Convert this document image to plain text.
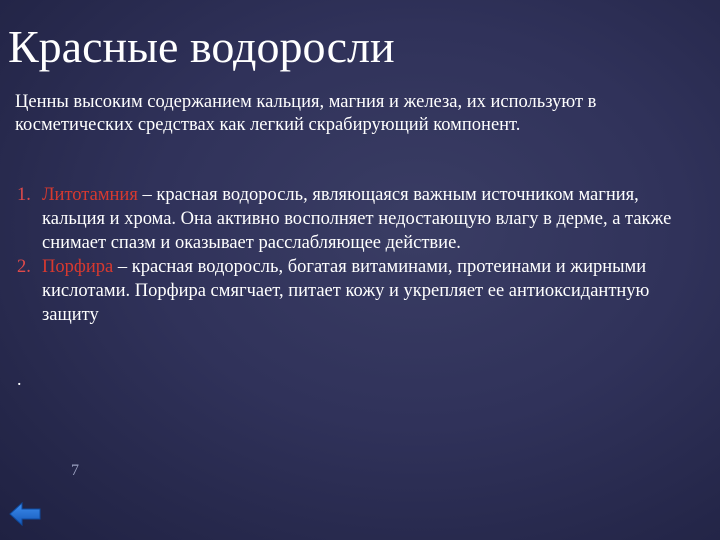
Красные водоросли
Ценны высоким содержанием кальция, магния и железа, их используют в косметических средствах как легкий скрабирующий компонент.
1. Литотамния – красная водоросль, являющаяся важным источником магния, кальция и хрома. Она активно восполняет недостающую влагу в дерме, а также снимает спазм и оказывает расслабляющее действие.
2. Порфира – красная водоросль, богатая витаминами, протеинами и жирными кислотами. Порфира смягчает, питает кожу и укрепляет ее антиоксидантную защиту
.
7
